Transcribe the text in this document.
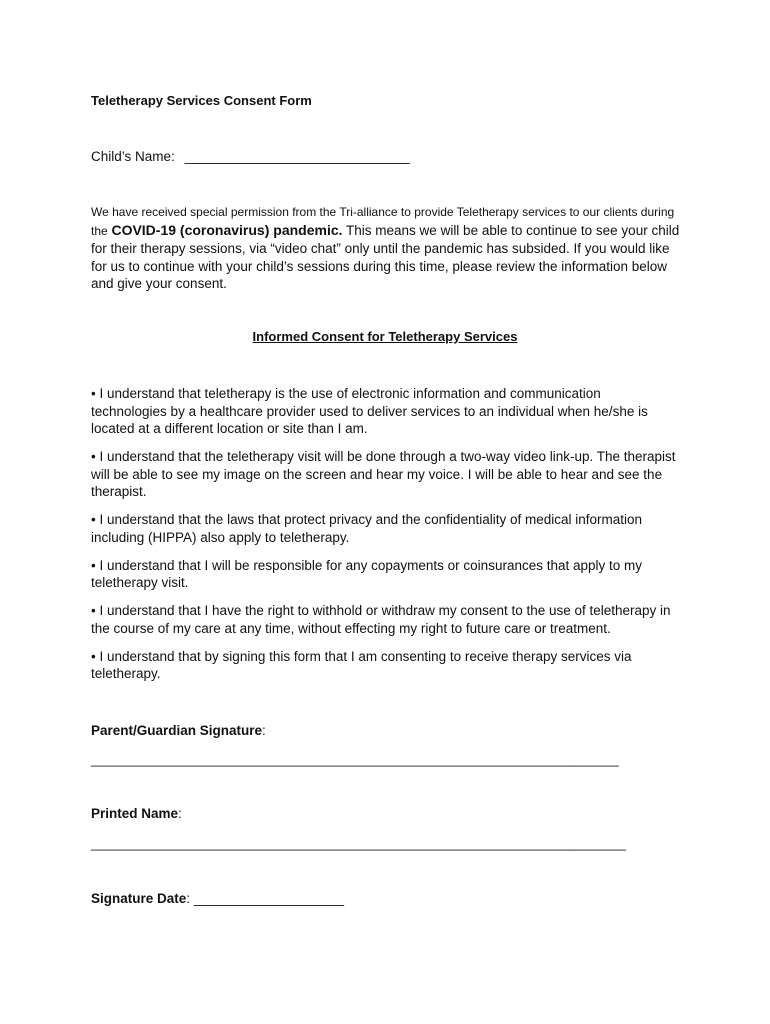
Teletherapy Services Consent Form
Child’s Name: ______________________________
We have received special permission from the Tri-alliance to provide Teletherapy services to our clients during the COVID-19 (coronavirus) pandemic. This means we will be able to continue to see your child for their therapy sessions, via “video chat” only until the pandemic has subsided. If you would like for us to continue with your child’s sessions during this time, please review the information below and give your consent.
Informed Consent for Teletherapy Services

• I understand that teletherapy is the use of electronic information and communication technologies by a healthcare provider used to deliver services to an individual when he/she is located at a different location or site than I am.

• I understand that the teletherapy visit will be done through a two-way video link-up. The therapist will be able to see my image on the screen and hear my voice. I will be able to hear and see the therapist.

• I understand that the laws that protect privacy and the confidentiality of medical information including (HIPPA) also apply to teletherapy.

• I understand that I will be responsible for any copayments or coinsurances that apply to my teletherapy visit.

• I understand that I have the right to withhold or withdraw my consent to the use of teletherapy in the course of my care at any time, without effecting my right to future care or treatment.

• I understand that by signing this form that I am consenting to receive therapy services via teletherapy.

Parent/Guardian Signature:
_________________________________________________________________________
Printed Name:
__________________________________________________________________________
Signature Date: ____________________
